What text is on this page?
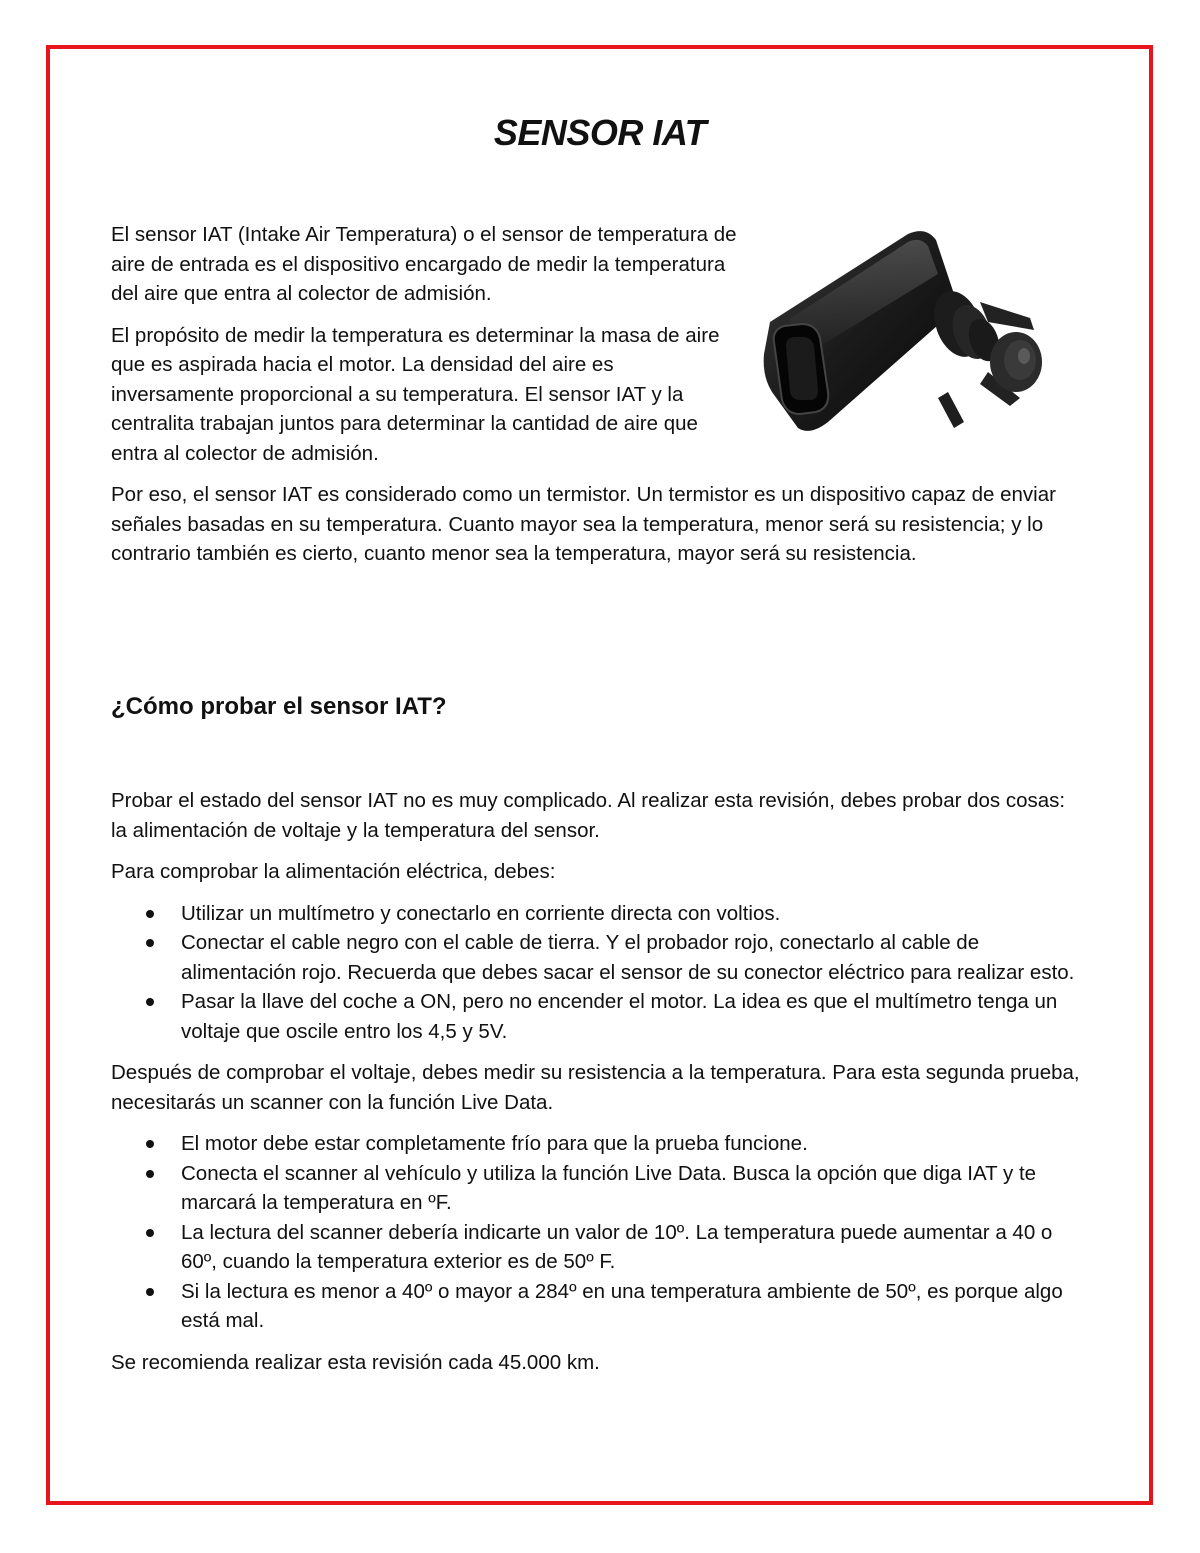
SENSOR IAT

El sensor IAT (Intake Air Temperatura) o el sensor de temperatura de aire de entrada es el dispositivo encargado de medir la temperatura del aire que entra al colector de admisión.

El propósito de medir la temperatura es determinar la masa de aire que es aspirada hacia el motor. La densidad del aire es inversamente proporcional a su temperatura. El sensor IAT y la centralita trabajan juntos para determinar la cantidad de aire que entra al colector de admisión.

Por eso, el sensor IAT es considerado como un termistor. Un termistor es un dispositivo capaz de enviar señales basadas en su temperatura. Cuanto mayor sea la temperatura, menor será su resistencia; y lo contrario también es cierto, cuanto menor sea la temperatura, mayor será su resistencia.

¿Cómo probar el sensor IAT?

Probar el estado del sensor IAT no es muy complicado. Al realizar esta revisión, debes probar dos cosas: la alimentación de voltaje y la temperatura del sensor.

Para comprobar la alimentación eléctrica, debes:

Utilizar un multímetro y conectarlo en corriente directa con voltios.
Conectar el cable negro con el cable de tierra. Y el probador rojo, conectarlo al cable de alimentación rojo. Recuerda que debes sacar el sensor de su conector eléctrico para realizar esto.
Pasar la llave del coche a ON, pero no encender el motor. La idea es que el multímetro tenga un voltaje que oscile entro los 4,5 y 5V.

Después de comprobar el voltaje, debes medir su resistencia a la temperatura. Para esta segunda prueba, necesitarás un scanner con la función Live Data.

El motor debe estar completamente frío para que la prueba funcione.
Conecta el scanner al vehículo y utiliza la función Live Data. Busca la opción que diga IAT y te marcará la temperatura en ºF.
La lectura del scanner debería indicarte un valor de 10º. La temperatura puede aumentar a 40 o 60º, cuando la temperatura exterior es de 50º F.
Si la lectura es menor a 40º o mayor a 284º en una temperatura ambiente de 50º, es porque algo está mal.

Se recomienda realizar esta revisión cada 45.000 km.
